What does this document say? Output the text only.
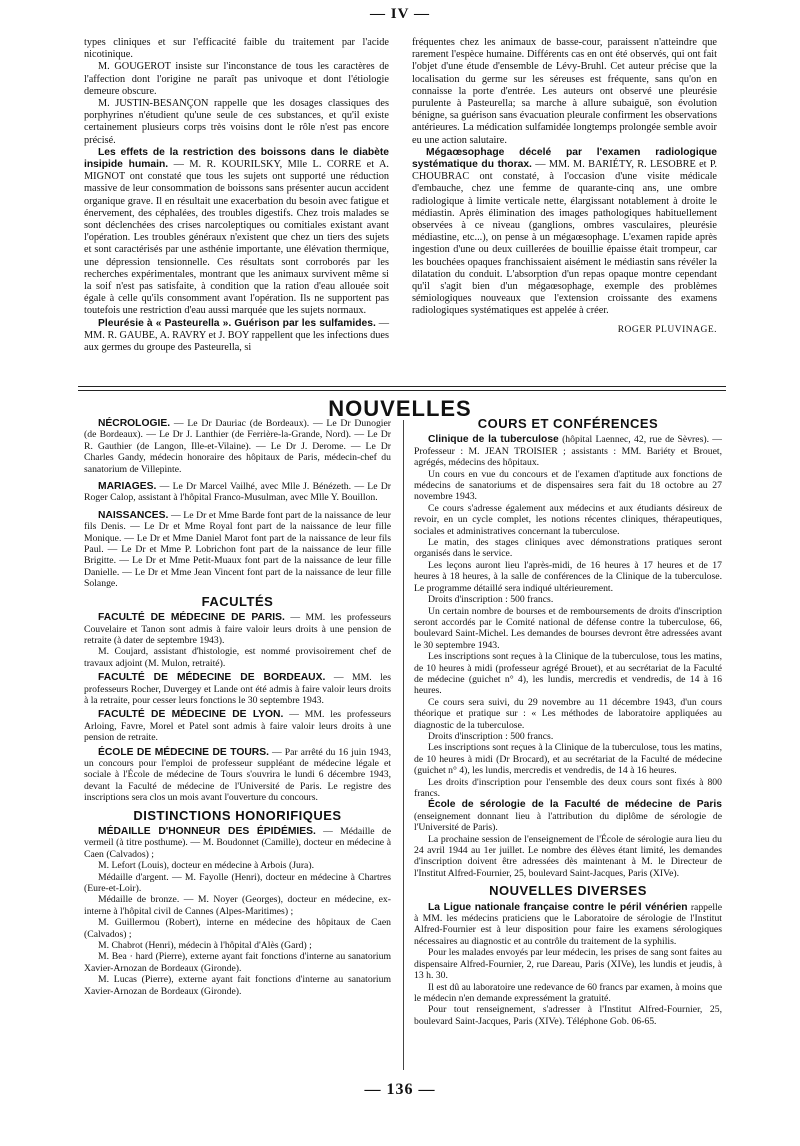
— IV —

types cliniques et sur l'efficacité faible du traitement par l'acide nicotinique.

M. GOUGEROT insiste sur l'inconstance de tous les caractères de l'affection dont l'origine ne paraît pas univoque et dont l'étiologie demeure obscure.

M. JUSTIN-BESANÇON rappelle que les dosages classiques des porphyrines n'étudient qu'une seule de ces substances, et qu'il existe certainement plusieurs corps très voisins dont le rôle n'est pas encore précisé.

Les effets de la restriction des boissons dans le diabète insipide humain. — M. R. KOURILSKY, Mlle L. CORRE et A. MIGNOT ont constaté que tous les sujets ont supporté une réduction massive de leur consommation de boissons sans présenter aucun accident organique grave. Il en résultait une exacerbation du besoin avec fatigue et énervement, des céphalées, des troubles digestifs. Chez trois malades se sont déclenchées des crises narcoleptiques ou comitiales existant avant l'opération. Les troubles généraux n'existent que chez un tiers des sujets et sont caractérisés par une asthénie importante, une élévation thermique, une dépression tensionnelle. Ces résultats sont corroborés par les recherches expérimentales, montrant que les animaux survivent même si la soif n'est pas satisfaite, à condition que la ration d'eau allouée soit égale à celle qu'ils consomment avant l'opération. Ils ne supportent pas toutefois une restriction d'eau aussi marquée que les sujets normaux.

Pleurésie à « Pasteurella ». Guérison par les sulfamides. — MM. R. GAUBE, A. RAVRY et J. BOY rappellent que les infections dues aux germes du groupe des Pasteurella, si

fréquentes chez les animaux de basse-cour, paraissent n'atteindre que rarement l'espèce humaine. Différents cas en ont été observés, qui ont fait l'objet d'une étude d'ensemble de Lévy-Bruhl. Cet auteur précise que la localisation du germe sur les séreuses est fréquente, sans qu'on en connaisse la porte d'entrée. Les auteurs ont observé une pleurésie purulente à Pasteurella; sa marche à allure subaiguë, son évolution bénigne, sa guérison sans évacuation pleurale confirment les observations antérieures. La médication sulfamidée longtemps prolongée semble avoir eu une action salutaire.

Mégaœsophage décelé par l'examen radiologique systématique du thorax. — MM. M. BARIÉTY, R. LESOBRE et P. CHOUBRAC ont constaté, à l'occasion d'une visite médicale d'embauche, chez une femme de quarante-cinq ans, une ombre radiologique à limite verticale nette, élargissant notablement à droite le médiastin. Après élimination des images pathologiques habituellement observées à ce niveau (ganglions, ombres vasculaires, pleurésie médiastine, etc...), on pense à un mégaœsophage. L'examen rapide après ingestion d'une ou deux cuillerées de bouillie épaisse était trompeur, car les bouchées opaques franchissaient aisément le médiastin sans révéler la dilatation du conduit. L'absorption d'un repas opaque montre cependant qu'il s'agit bien d'un mégaœsophage, exemple des problèmes sémiologiques nouveaux que l'extension croissante des examens radiologiques systématiques est appelée à créer.

ROGER PLUVINAGE.
NOUVELLES

NÉCROLOGIE. — Le Dr Dauriac (de Bordeaux). — Le Dr Dunogier (de Bordeaux). — Le Dr J. Lanthier (de Ferrière-la-Grande, Nord). — Le Dr R. Gauthier (de Langon, Ille-et-Vilaine). — Le Dr J. Derome. — Le Dr Charles Gandy, médecin honoraire des hôpitaux de Paris, médecin-chef du sanatorium de Villepinte.

MARIAGES. — Le Dr Marcel Vailhé, avec Mlle J. Bénézeth. — Le Dr Roger Calop, assistant à l'hôpital Franco-Musulman, avec Mlle Y. Bouillon.

NAISSANCES. — Le Dr et Mme Barde font part de la naissance de leur fils Denis. — Le Dr et Mme Royal font part de la naissance de leur fille Monique. — Le Dr et Mme Daniel Marot font part de la naissance de leur fils Paul. — Le Dr et Mme P. Lobrichon font part de la naissance de leur fille Brigitte. — Le Dr et Mme Petit-Muaux font part de la naissance de leur fille Danielle. — Le Dr et Mme Jean Vincent font part de la naissance de leur fille Solange.

FACULTÉS

FACULTÉ DE MÉDECINE DE PARIS. — MM. les professeurs Couvelaire et Tanon sont admis à faire valoir leurs droits à une pension de retraite (à dater de septembre 1943).

M. Coujard, assistant d'histologie, est nommé provisoirement chef de travaux adjoint (M. Mulon, retraité).

FACULTÉ DE MÉDECINE DE BORDEAUX. — MM. les professeurs Rocher, Duvergey et Lande ont été admis à faire valoir leurs droits à la retraite, pour cesser leurs fonctions le 30 septembre 1943.

FACULTÉ DE MÉDECINE DE LYON. — MM. les professeurs Arloing, Favre, Morel et Patel sont admis à faire valoir leurs droits à une pension de retraite.

ÉCOLE DE MÉDECINE DE TOURS. — Par arrêté du 16 juin 1943, un concours pour l'emploi de professeur suppléant de médecine légale et sociale à l'École de médecine de Tours s'ouvrira le lundi 6 décembre 1943, devant la Faculté de médecine de l'Université de Paris. Le registre des inscriptions sera clos un mois avant l'ouverture du concours.

DISTINCTIONS HONORIFIQUES

MÉDAILLE D'HONNEUR DES ÉPIDÉMIES. — Médaille de vermeil (à titre posthume). — M. Boudonnet (Camille), docteur en médecine à Caen (Calvados) ;

M. Lefort (Louis), docteur en médecine à Arbois (Jura).

Médaille d'argent. — M. Fayolle (Henri), docteur en médecine à Chartres (Eure-et-Loir).

Médaille de bronze. — M. Noyer (Georges), docteur en médecine, ex-interne à l'hôpital civil de Cannes (Alpes-Maritimes) ;

M. Guillermou (Robert), interne en médecine des hôpitaux de Caen (Calvados) ;

M. Chabrot (Henri), médecin à l'hôpital d'Alès (Gard) ;

M. Bea · hard (Pierre), externe ayant fait fonctions d'interne au sanatorium Xavier-Arnozan de Bordeaux (Gironde).

M. Lucas (Pierre), externe ayant fait fonctions d'interne au sanatorium Xavier-Arnozan de Bordeaux (Gironde).

COURS ET CONFÉRENCES

Clinique de la tuberculose (hôpital Laennec, 42, rue de Sèvres). — Professeur : M. JEAN TROISIER ; assistants : MM. Bariéty et Brouet, agrégés, médecins des hôpitaux.

Un cours en vue du concours et de l'examen d'aptitude aux fonctions de médecins de sanatoriums et de dispensaires sera fait du 18 octobre au 27 novembre 1943.

Ce cours s'adresse également aux médecins et aux étudiants désireux de revoir, en un cycle complet, les notions récentes cliniques, thérapeutiques, sociales et administratives concernant la tuberculose.

Le matin, des stages cliniques avec démonstrations pratiques seront organisés dans le service.

Les leçons auront lieu l'après-midi, de 16 heures à 17 heures et de 17 heures à 18 heures, à la salle de conférences de la Clinique de la tuberculose. Le programme détaillé sera indiqué ultérieurement.

Droits d'inscription : 500 francs.

Un certain nombre de bourses et de remboursements de droits d'inscription seront accordés par le Comité national de défense contre la tuberculose, 66, boulevard Saint-Michel. Les demandes de bourses devront être adressées avant le 30 septembre 1943.

Les inscriptions sont reçues à la Clinique de la tuberculose, tous les matins, de 10 heures à midi (professeur agrégé Brouet), et au secrétariat de la Faculté de médecine (guichet n° 4), les lundis, mercredis et vendredis, de 14 à 16 heures.

Ce cours sera suivi, du 29 novembre au 11 décembre 1943, d'un cours théorique et pratique sur : « Les méthodes de laboratoire appliquées au diagnostic de la tuberculose.

Droits d'inscription : 500 francs.

Les inscriptions sont reçues à la Clinique de la tuberculose, tous les matins, de 10 heures à midi (Dr Brocard), et au secrétariat de la Faculté de médecine (guichet n° 4), les lundis, mercredis et vendredis, de 14 à 16 heures.

Les droits d'inscription pour l'ensemble des deux cours sont fixés à 800 francs.

École de sérologie de la Faculté de médecine de Paris (enseignement donnant lieu à l'attribution du diplôme de sérologie de l'Université de Paris).

La prochaine session de l'enseignement de l'École de sérologie aura lieu du 24 avril 1944 au 1er juillet. Le nombre des élèves étant limité, les demandes d'inscription doivent être adressées dès maintenant à M. le Directeur de l'Institut Alfred-Fournier, 25, boulevard Saint-Jacques, Paris (XIVe).

NOUVELLES DIVERSES

La Ligue nationale française contre le péril vénérien rappelle à MM. les médecins praticiens que le Laboratoire de sérologie de l'Institut Alfred-Fournier est à leur disposition pour faire les examens sérologiques nécessaires au diagnostic et au contrôle du traitement de la syphilis.

Pour les malades envoyés par leur médecin, les prises de sang sont faites au dispensaire Alfred-Fournier, 2, rue Dareau, Paris (XIVe), les lundis et jeudis, à 13 h. 30.

Il est dû au laboratoire une redevance de 60 francs par examen, à moins que le médecin n'en demande expressément la gratuité.

Pour tout renseignement, s'adresser à l'Institut Alfred-Fournier, 25, boulevard Saint-Jacques, Paris (XIVe). Téléphone Gob. 06-65.

— 136 —
